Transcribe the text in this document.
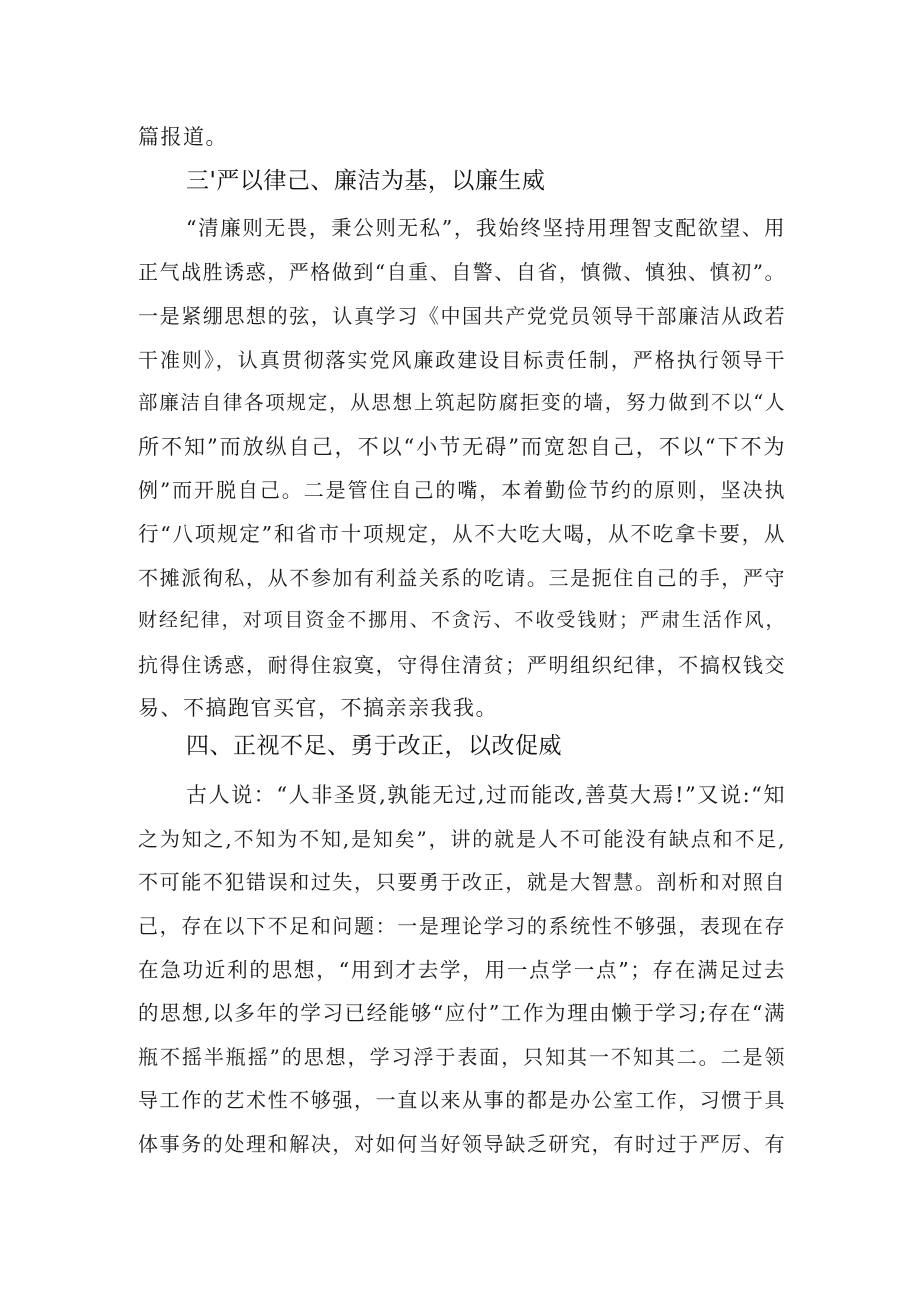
篇报道。
三'严以律己、廉洁为基，以廉生威
“清廉则无畏，秉公则无私”，我始终坚持用理智支配欲望、用
正气战胜诱惑，严格做到“自重、自警、自省，慎微、慎独、慎初”。
一是紧绷思想的弦，认真学习《中国共产党党员领导干部廉洁从政若
干准则》，认真贯彻落实党风廉政建设目标责任制，严格执行领导干
部廉洁自律各项规定，从思想上筑起防腐拒变的墙，努力做到不以“人
所不知”而放纵自己，不以“小节无碍”而宽恕自己，不以“下不为
例”而开脱自己。二是管住自己的嘴，本着勤俭节约的原则，坚决执
行“八项规定”和省市十项规定，从不大吃大喝，从不吃拿卡要，从
不摊派徇私，从不参加有利益关系的吃请。三是扼住自己的手，严守
财经纪律，对项目资金不挪用、不贪污、不收受钱财；严肃生活作风，
抗得住诱惑，耐得住寂寞，守得住清贫；严明组织纪律，不搞权钱交
易、不搞跑官买官，不搞亲亲我我。
四、正视不足、勇于改正，以改促威
古人说：“人非圣贤,孰能无过,过而能改,善莫大焉!”又说:“知
之为知之,不知为不知,是知矣”，讲的就是人不可能没有缺点和不足,
不可能不犯错误和过失，只要勇于改正，就是大智慧。剖析和对照自
己，存在以下不足和问题：一是理论学习的系统性不够强，表现在存
在急功近利的思想，“用到才去学，用一点学一点”；存在满足过去
的思想,以多年的学习已经能够“应付”工作为理由懒于学习;存在“满
瓶不摇半瓶摇”的思想，学习浮于表面，只知其一不知其二。二是领
导工作的艺术性不够强，一直以来从事的都是办公室工作，习惯于具
体事务的处理和解决，对如何当好领导缺乏研究，有时过于严厉、有
